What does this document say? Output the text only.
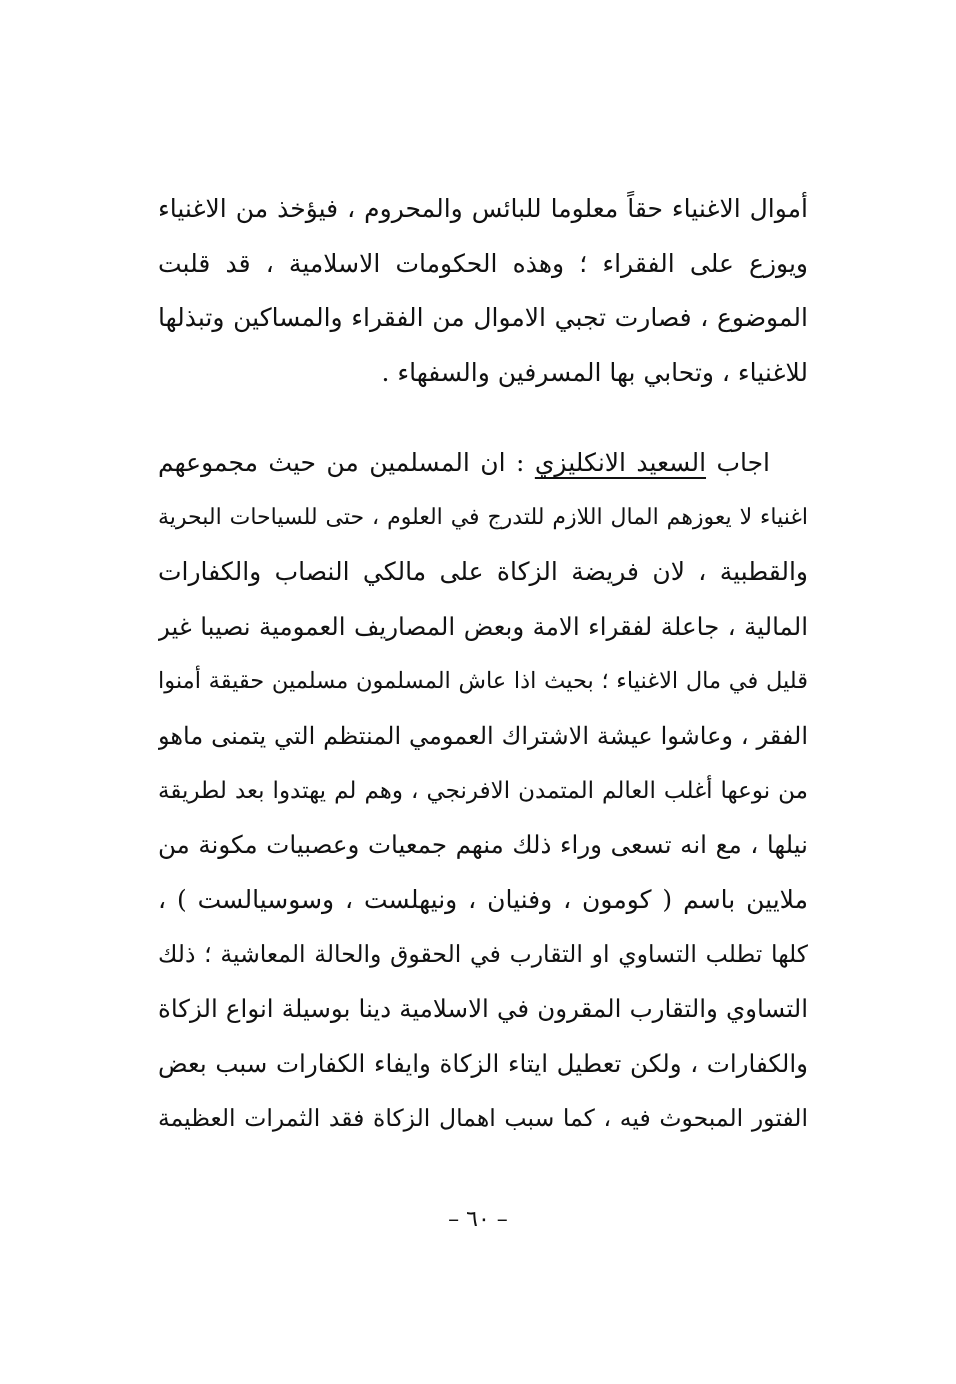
أموال الاغنياء حقاً معلوما للبائس والمحروم ، فيؤخذ من الاغنياء
ويوزع على الفقراء ؛ وهذه الحكومات الاسلامية ، قد قلبت
الموضوع ، فصارت تجبي الاموال من الفقراء والمساكين وتبذلها
للاغنياء ، وتحابي بها المسرفين والسفهاء .
اجاب السعيد الانكليزي : ان المسلمين من حيث مجموعهم
اغنياء لا يعوزهم المال اللازم للتدرج في العلوم ، حتى للسياحات البحرية
والقطبية ، لان فريضة الزكاة على مالكي النصاب والكفارات
المالية ، جاعلة لفقراء الامة وبعض المصاريف العمومية نصيبا غير
قليل في مال الاغنياء ؛ بحيث اذا عاش المسلمون مسلمين حقيقة أمنوا
الفقر ، وعاشوا عيشة الاشتراك العمومي المنتظم التي يتمنى ماهو
من نوعها أغلب العالم المتمدن الافرنجي ، وهم لم يهتدوا بعد لطريقة
نيلها ، مع انه تسعى وراء ذلك منهم جمعيات وعصبيات مكونة من
ملايين باسم ( كومون ، وفنيان ، ونيهلست ، وسوسيالست ) ،
كلها تطلب التساوي او التقارب في الحقوق والحالة المعاشية ؛ ذلك
التساوي والتقارب المقرون في الاسلامية دينا بوسيلة انواع الزكاة
والكفارات ، ولكن تعطيل ايتاء الزكاة وايفاء الكفارات سبب بعض
الفتور المبحوث فيه ، كما سبب اهمال الزكاة فقد الثمرات العظيمة
– ٦٠ –
